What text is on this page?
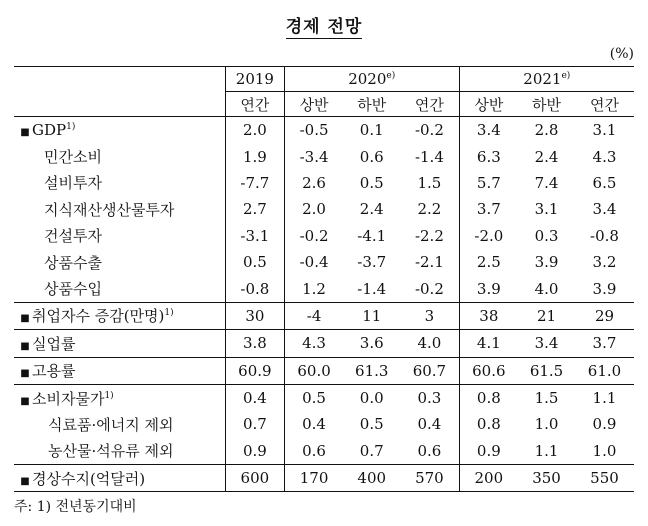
경제 전망
(%)
	2019	2020$^{e)}$			2021$^{e)}$
	연간	상반	하반	연간	상반	하반	연간
■ GDP$^{1)}$	2.0	-0.5	0.1	-0.2	3.4	2.8	3.1
민간소비	1.9	-3.4	0.6	-1.4	6.3	2.4	4.3
설비투자	-7.7	2.6	0.5	1.5	5.7	7.4	6.5
지식재산생산물투자	2.7	2.0	2.4	2.2	3.7	3.1	3.4
건설투자	-3.1	-0.2	-4.1	-2.2	-2.0	0.3	-0.8
상품수출	0.5	-0.4	-3.7	-2.1	2.5	3.9	3.2
상품수입	-0.8	1.2	-1.4	-0.2	3.9	4.0	3.9
■ 취업자수 증감(만명)$^{1)}$	30	-4	11	3	38	21	29
■ 실업률	3.8	4.3	3.6	4.0	4.1	3.4	3.7
■ 고용률	60.9	60.0	61.3	60.7	60.6	61.5	61.0
■ 소비자물가$^{1)}$	0.4	0.5	0.0	0.3	0.8	1.5	1.1
식료품·에너지 제외	0.7	0.4	0.5	0.4	0.8	1.0	0.9
농산물·석유류 제외	0.9	0.6	0.7	0.6	0.9	1.1	1.0
■ 경상수지(억달러)	600	170	400	570	200	350	550
주: 1) 전년동기대비
